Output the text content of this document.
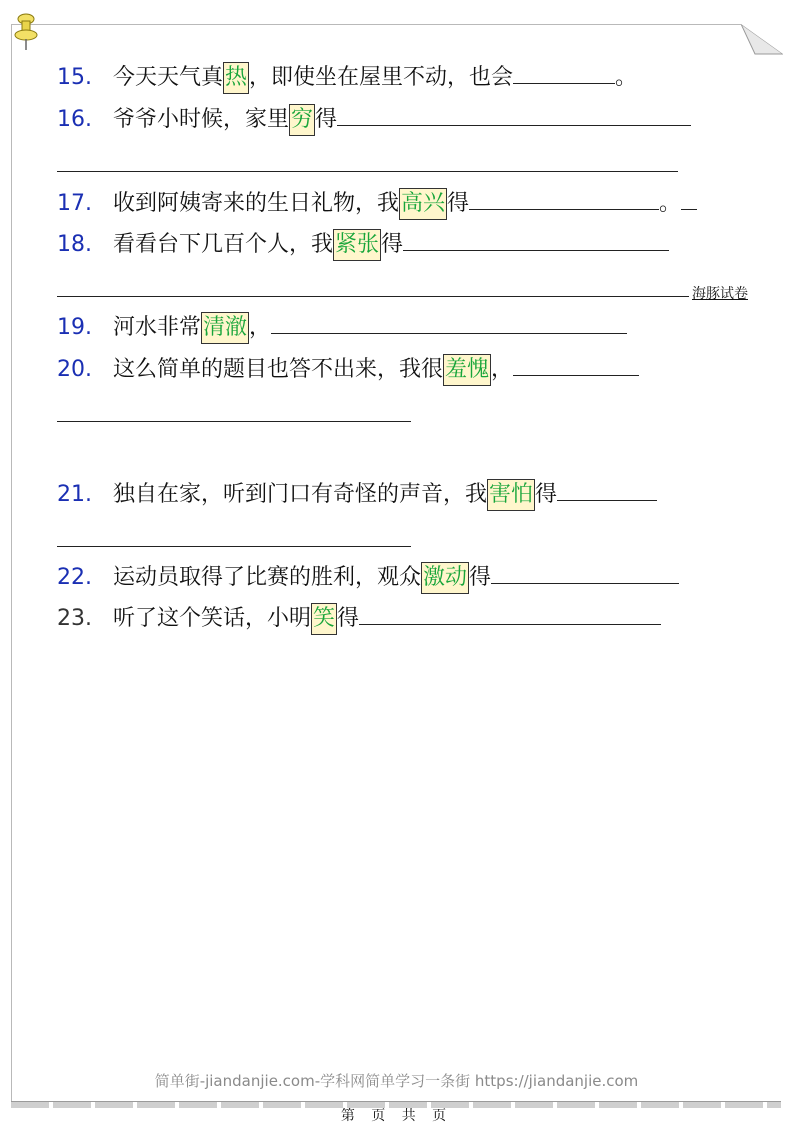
15. 今天天气真热，即使坐在屋里不动，也会	。
16. 爷爷小时候，家里穷得
17. 收到阿姨寄来的生日礼物，我高兴得	。
18. 看看台下几百个人，我紧张得
海豚试卷
19. 河水非常清澈，
20. 这么简单的题目也答不出来，我很羞愧，
21. 独自在家，听到门口有奇怪的声音，我害怕得
22. 运动员取得了比赛的胜利，观众激动得
23. 听了这个笑话，小明笑得
简单街-jiandanjie.com-学科网简单学习一条街 https://jiandanjie.com
第 页 共 页
